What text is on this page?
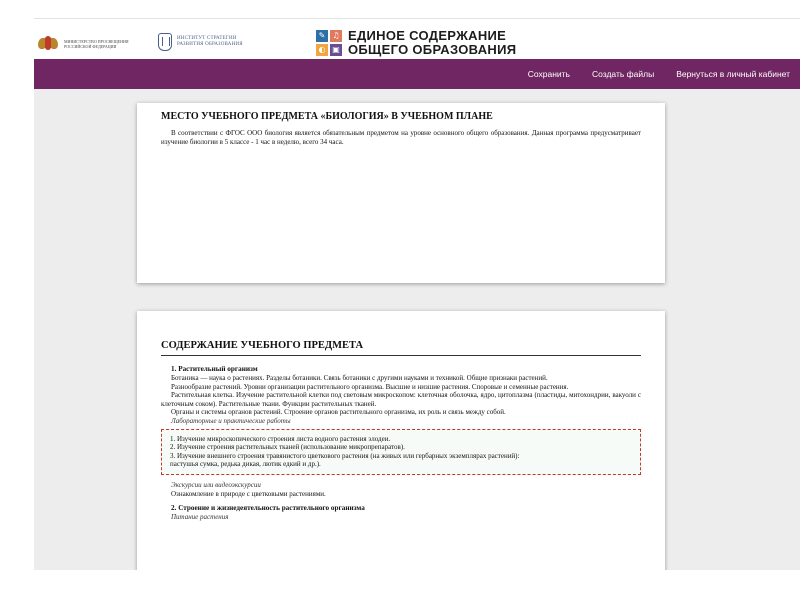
МИНИСТЕРСТВО ПРОСВЕЩЕНИЯ
РОССИЙСКОЙ ФЕДЕРАЦИИ
ИНСТИТУТ СТРАТЕГИИ
РАЗВИТИЯ ОБРАЗОВАНИЯ
✎ ♫
◐ ▣
ЕДИНОЕ СОДЕРЖАНИЕ
ОБЩЕГО ОБРАЗОВАНИЯ
Сохранить	Создать файлы	Вернуться в личный кабинет
МЕСТО УЧЕБНОГО ПРЕДМЕТА «БИОЛОГИЯ» В УЧЕБНОМ ПЛАНЕ
В соответствии с ФГОС ООО биология является обязательным предметом на уровне основного общего образования. Данная программа предусматривает изучение биологии в 5 классе - 1 час в неделю, всего 34 часа.
СОДЕРЖАНИЕ УЧЕБНОГО ПРЕДМЕТА
1. Растительный организм
Ботаника — наука о растениях. Разделы ботаники. Связь ботаники с другими науками и техникой. Общие признаки растений.
Разнообразие растений. Уровни организации растительного организма. Высшие и низшие растения. Споровые и семенные растения.
Растительная клетка. Изучение растительной клетки под световым микроскопом: клеточная оболочка, ядро, цитоплазма (пластиды, митохондрии, вакуоли с клеточным соком). Растительные ткани. Функции растительных тканей.
Органы и системы органов растений. Строение органов растительного организма, их роль и связь между собой.
Лабораторные и практические работы
1. Изучение микроскопического строения листа водного растения элодеи.
2. Изучение строения растительных тканей (использование микропрепаратов).
3. Изучение внешнего строения травянистого цветкового растения (на живых или гербарных экземплярах растений):
пастушья сумка, редька дикая, лютик едкий и др.).
Экскурсии или видеоэкскурсии
Ознакомление в природе с цветковыми растениями.
2. Строение и жизнедеятельность растительного организма
Питание растения
